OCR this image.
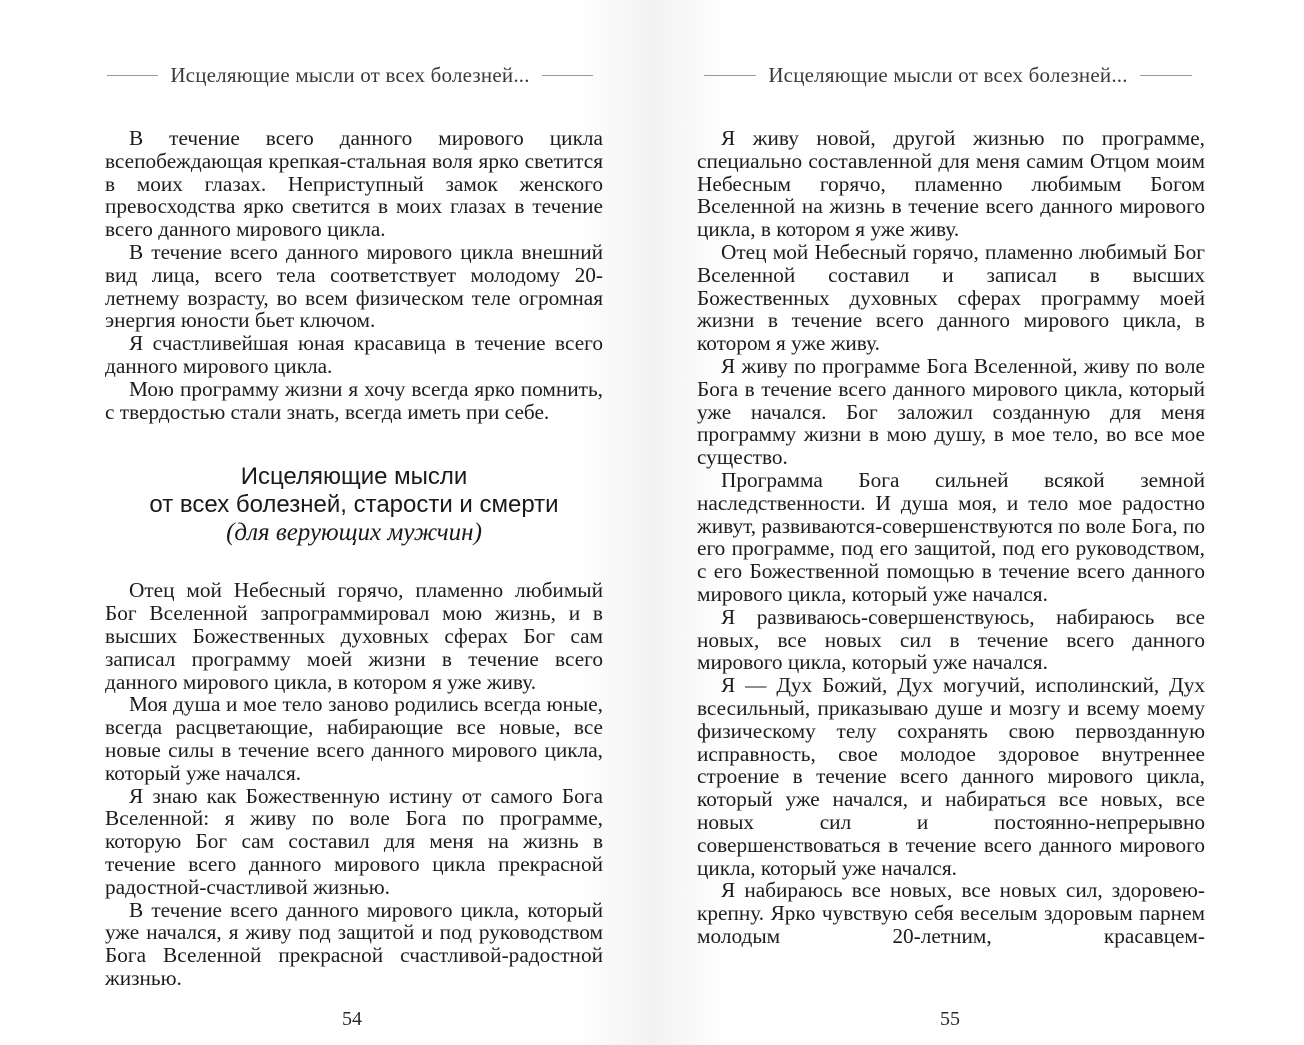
Исцеляющие мысли от всех болезней...

В течение всего данного мирового цикла всепобеждающая крепкая-стальная воля ярко светится в моих глазах. Неприступный замок женского превосходства ярко светится в моих глазах в течение всего данного мирового цикла.

В течение всего данного мирового цикла внешний вид лица, всего тела соответствует молодому 20-летнему возрасту, во всем физическом теле огромная энергия юности бьет ключом.

Я счастливейшая юная красавица в течение всего данного мирового цикла.

Мою программу жизни я хочу всегда ярко помнить, с твердостью стали знать, всегда иметь при себе.

Исцеляющие мысли
от всех болезней, старости и смерти
(для верующих мужчин)

Отец мой Небесный горячо, пламенно любимый Бог Вселенной запрограммировал мою жизнь, и в высших Божественных духовных сферах Бог сам записал программу моей жизни в течение всего данного мирового цикла, в котором я уже живу.

Моя душа и мое тело заново родились всегда юные, всегда расцветающие, набирающие все новые, все новые силы в течение всего данного мирового цикла, который уже начался.

Я знаю как Божественную истину от самого Бога Вселенной: я живу по воле Бога по программе, которую Бог сам составил для меня на жизнь в течение всего данного мирового цикла прекрасной радостной-счастливой жизнью.

В течение всего данного мирового цикла, который уже начался, я живу под защитой и под руководством Бога Вселенной прекрасной счастливой-радостной жизнью.

54
Исцеляющие мысли от всех болезней...

Я живу новой, другой жизнью по программе, специально составленной для меня самим Отцом моим Небесным горячо, пламенно любимым Богом Вселенной на жизнь в течение всего данного мирового цикла, в котором я уже живу.

Отец мой Небесный горячо, пламенно любимый Бог Вселенной составил и записал в высших Божественных духовных сферах программу моей жизни в течение всего данного мирового цикла, в котором я уже живу.

Я живу по программе Бога Вселенной, живу по воле Бога в течение всего данного мирового цикла, который уже начался. Бог заложил созданную для меня программу жизни в мою душу, в мое тело, во все мое существо.

Программа Бога сильней всякой земной наследственности. И душа моя, и тело мое радостно живут, развиваются-совершенствуются по воле Бога, по его программе, под его защитой, под его руководством, с его Божественной помощью в течение всего данного мирового цикла, который уже начался.

Я развиваюсь-совершенствуюсь, набираюсь все новых, все новых сил в течение всего данного мирового цикла, который уже начался.

Я — Дух Божий, Дух могучий, исполинский, Дух всесильный, приказываю душе и мозгу и всему моему физическому телу сохранять свою первозданную исправность, свое молодое здоровое внутреннее строение в течение всего данного мирового цикла, который уже начался, и набираться все новых, все новых сил и постоянно-непрерывно совершенствоваться в течение всего данного мирового цикла, который уже начался.

Я набираюсь все новых, все новых сил, здоровею-крепну. Ярко чувствую себя веселым здоровым парнем молодым 20-летним, красавцем-

55
